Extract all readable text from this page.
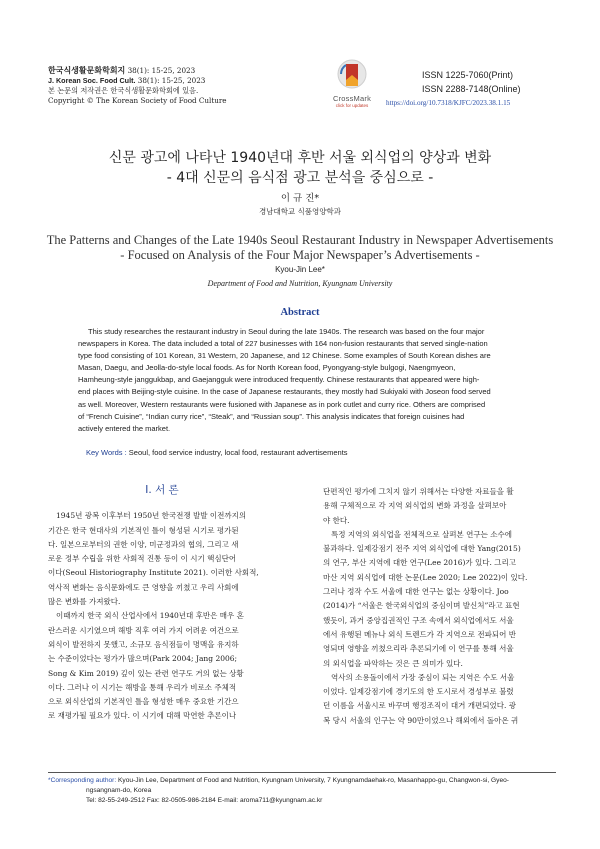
한국식생활문화학회지 38(1): 15-25, 2023
J. Korean Soc. Food Cult. 38(1): 15-25, 2023
본 논문의 저작권은 한국식생활문화학회에 있음.
Copyright © The Korean Society of Food Culture	CrossMark
click for updates
ISSN 1225-7060(Print)
ISSN 2288-7148(Online)
https://doi.org/10.7318/KJFC/2023.38.1.15
신문 광고에 나타난 1940년대 후반 서울 외식업의 양상과 변화
- 4대 신문의 음식점 광고 분석을 중심으로 -
이 규 진*
경남대학교 식품영양학과
The Patterns and Changes of the Late 1940s Seoul Restaurant Industry in Newspaper Advertisements
- Focused on Analysis of the Four Major Newspaper’s Advertisements -
Kyou-Jin Lee*
Department of Food and Nutrition, Kyungnam University
Abstract
This study researches the restaurant industry in Seoul during the late 1940s. The research was based on the four major
newspapers in Korea. The data included a total of 227 businesses with 164 non-fusion restaurants that served single-nation
type food consisting of 101 Korean, 31 Western, 20 Japanese, and 12 Chinese. Some examples of South Korean dishes are
Masan, Daegu, and Jeolla-do-style local foods. As for North Korean food, Pyongyang-style bulgogi, Naengmyeon,
Hamheung-style janggukbap, and Gaejangguk were introduced frequently. Chinese restaurants that appeared were high-
end places with Beijing-style cuisine. In the case of Japanese restaurants, they mostly had Sukiyaki with Joseon food served
as well. Moreover, Western restaurants were fusioned with Japanese as in pork cutlet and curry rice. Others are comprised
of “French Cuisine”, “Indian curry rice”, “Steak”, and “Russian soup”. This analysis indicates that foreign cuisines had
actively entered the market.
Key Words : Seoul, food service industry, local food, restaurant advertisements
I. 서 론
1945년 광복 이후부터 1950년 한국전쟁 발발 이전까지의
기간은 한국 현대사의 기본적인 틀이 형성된 시기로 평가된
다. 일본으로부터의 권한 이양, 미군정과의 협의, 그리고 새
로운 정부 수립을 위한 사회적 진통 등이 이 시기 핵심단어
이다(Seoul Historiography Institute 2021). 이러한 사회적,
역사적 변화는 음식문화에도 큰 영향을 끼쳤고 우리 사회에
많은 변화를 가져왔다.
이때까지 한국 외식 산업사에서 1940년대 후반은 매우 혼
란스러운 시기였으며 해방 직후 여러 가지 어려운 여건으로
외식이 발전하지 못했고, 소규모 음식점들이 명맥을 유지하
는 수준이었다는 평가가 많으며(Park 2004; Jang 2006;
Song & Kim 2019) 깊이 있는 관련 연구도 거의 없는 상황
이다. 그러나 이 시기는 해방을 통해 우리가 비로소 주체적
으로 외식산업의 기본적인 틀을 형성한 매우 중요한 기간으
로 재평가될 필요가 있다. 이 시기에 대해 막연한 추론이나
단편적인 평가에 그치지 않기 위해서는 다양한 자료들을 활
용해 구체적으로 각 지역 외식업의 변화 과정을 살펴보아
야 한다.
특정 지역의 외식업을 전체적으로 살펴본 연구는 소수에
불과하다. 일제강점기 전주 지역 외식업에 대한 Yang(2015)
의 연구, 부산 지역에 대한 연구(Lee 2016)가 있다. 그리고
마산 지역 외식업에 대한 논문(Lee 2020; Lee 2022)이 있다.
그러나 정작 수도 서울에 대한 연구는 없는 상황이다. Joo
(2014)가 “서울은 한국외식업의 중심이며 발신처”라고 표현
했듯이, 과거 중앙집권적인 구조 속에서 외식업에서도 서울
에서 유행된 메뉴나 외식 트렌드가 각 지역으로 전파되어 반
영되며 영향을 끼쳤으리라 추론되기에 이 연구를 통해 서울
의 외식업을 파악하는 것은 큰 의미가 있다.
역사의 소용돌이에서 가장 중심이 되는 지역은 수도 서울
이었다. 일제강점기에 경기도의 한 도시로서 경성부로 불렸
던 이름을 서울시로 바꾸며 행정조직이 대거 개편되었다. 광
복 당시 서울의 인구는 약 90만이었으나 해외에서 돌아온 귀
*Corresponding author: Kyou-Jin Lee, Department of Food and Nutrition, Kyungnam University, 7 Kyungnamdaehak-ro, Masanhappo-gu, Changwon-si, Gyeo-
ngsangnam-do, Korea
Tel: 82-55-249-2512 Fax: 82-0505-986-2184 E-mail: aroma711@kyungnam.ac.kr
